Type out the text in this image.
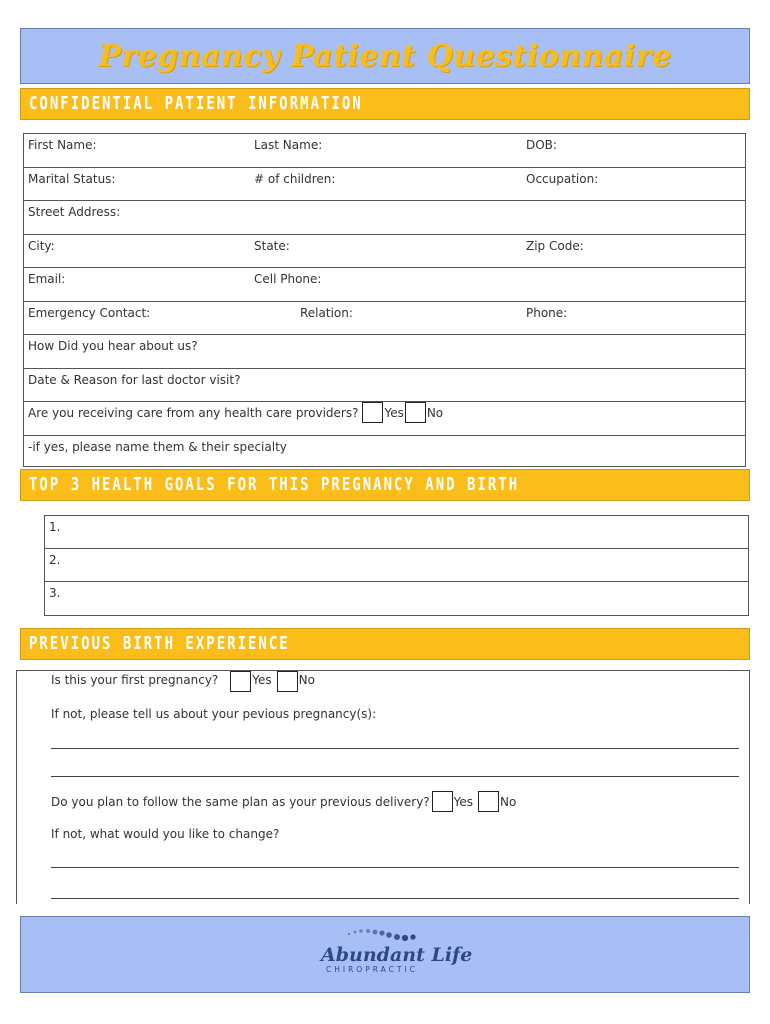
Pregnancy Patient Questionnaire
CONFIDENTIAL PATIENT INFORMATION
First Name:	Last Name:	DOB:
Marital Status:	# of children:	Occupation:
Street Address:
City:	State:	Zip Code:
Email:	Cell Phone:
Emergency Contact:	Relation:	Phone:
How Did you hear about us?
Date & Reason for last doctor visit?
Are you receiving care from any health care providers? Yes No
-if yes, please name them & their specialty
TOP 3 HEALTH GOALS FOR THIS PREGNANCY AND BIRTH
1.
2.
3.
PREVIOUS BIRTH EXPERIENCE
Is this your first pregnancy?	Yes No
If not, please tell us about your pevious pregnancy(s):
Do you plan to follow the same plan as your previous delivery? Yes No
If not, what would you like to change?
Abundant Life
CHIROPRACTIC
